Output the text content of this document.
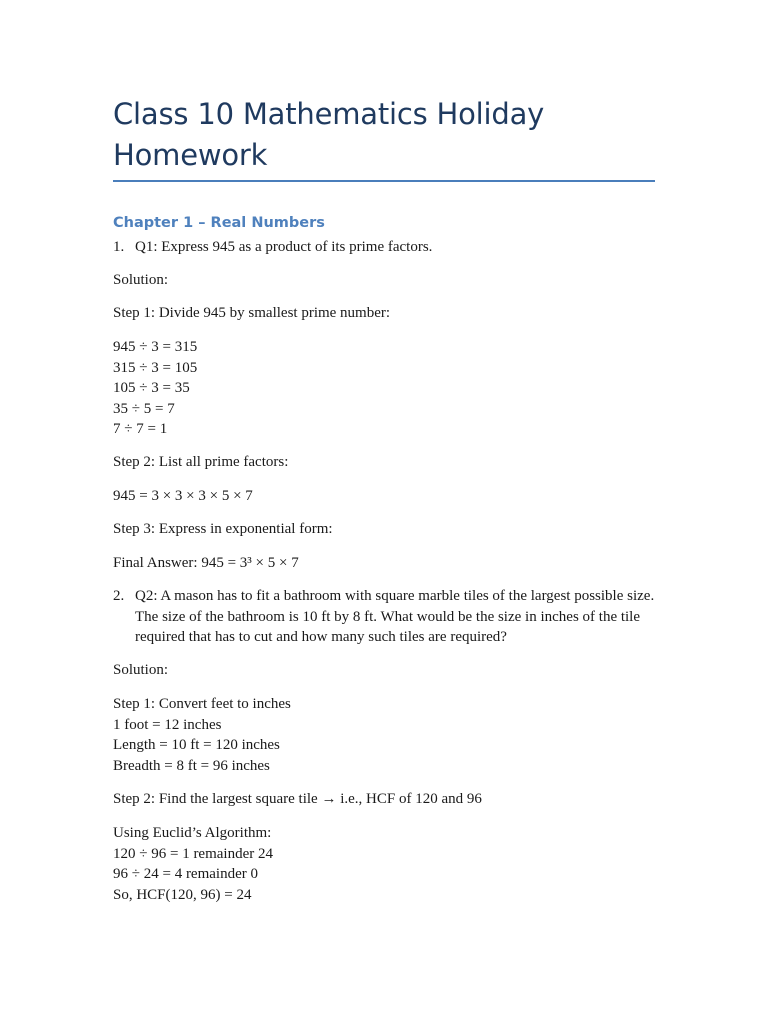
Class 10 Mathematics Holiday Homework
Chapter 1 – Real Numbers
1. Q1: Express 945 as a product of its prime factors.

Solution:

Step 1: Divide 945 by smallest prime number:

945 ÷ 3 = 315
315 ÷ 3 = 105
105 ÷ 3 = 35
35 ÷ 5 = 7
7 ÷ 7 = 1

Step 2: List all prime factors:

945 = 3 × 3 × 3 × 5 × 7

Step 3: Express in exponential form:

Final Answer: 945 = 3³ × 5 × 7

2. Q2: A mason has to fit a bathroom with square marble tiles of the largest possible size. The size of the bathroom is 10 ft by 8 ft. What would be the size in inches of the tile required that has to cut and how many such tiles are required?

Solution:

Step 1: Convert feet to inches
1 foot = 12 inches
Length = 10 ft = 120 inches
Breadth = 8 ft = 96 inches

Step 2: Find the largest square tile → i.e., HCF of 120 and 96

Using Euclid’s Algorithm:
120 ÷ 96 = 1 remainder 24
96 ÷ 24 = 4 remainder 0
So, HCF(120, 96) = 24
